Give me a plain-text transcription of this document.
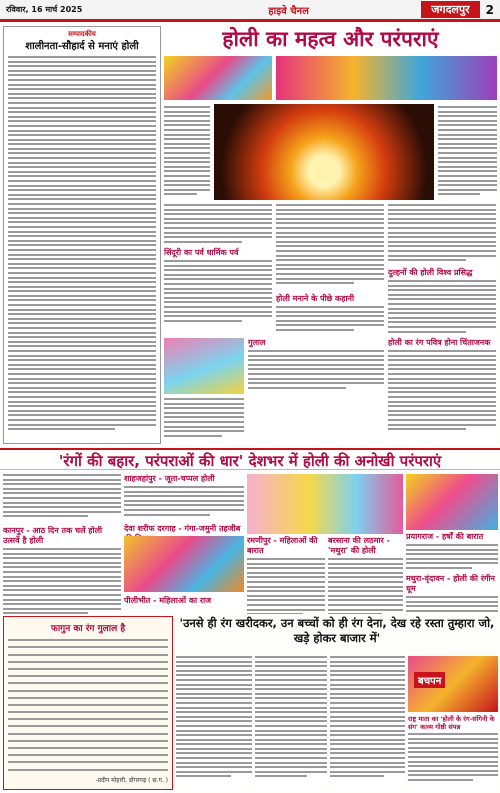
रविवार, 16 मार्च 2025	हाइवे चैनल	जगदलपुर	2
सम्पादकीय
शालीनता-सौहार्द से मनाएं होली	होली का महत्व और परंपराएं
सिंदूरी का पर्व धार्मिक पर्व
होली मनाने के पीछे कहानी
दुल्हनों की होली विश्व प्रसिद्ध
होली का रंग पवित्र होना चिंताजनक
गुलाल
'रंगों की बहार, परंपराओं की धार' देशभर में होली की अनोखी परंपराएं
कानपुर - आठ दिन तक चलें होली उत्सवें है होली
शाहजहांपुर - जूता-चप्पल होली
देवा शरीफ दरगाह - गंगा-जमुनी तहजीब
रमणीपुर - महिलाओं की बारात
बरसाना की लठमार - 'मथुरा' की होली
पीलीभीत - महिलाओं का राज
प्रयागराज - हर्षों की बारात
मथुरा-वृंदावन - होली की रंगीन धूम
फागुन का रंग गुलाल है
-प्रदीप मोहारी, डोंगरगढ़ ( छ.ग. )
'उनसे ही रंग खरीदकर, उन बच्चों को ही रंग देना, देख रहे रस्ता तुम्हारा जो, खड़े होकर बाजार में'
बचपन
राष्ट्र माता का 'होली के रंग-संगिनी के संग' काव्य गोष्ठी संपन्न
